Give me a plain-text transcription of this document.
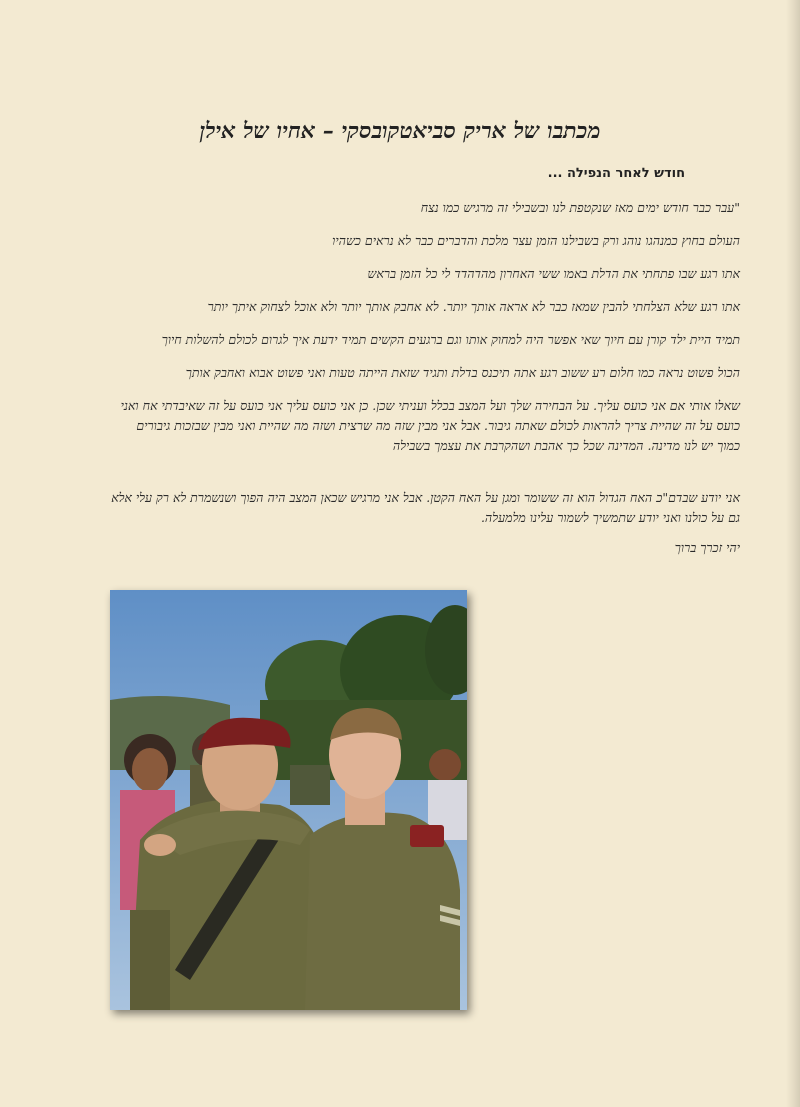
מכתבו של אריק סביאטקובסקי – אחיו של אילן
חודש לאחר הנפילה ...
"עבר כבר חודש ימים מאז שנקטפת לנו ובשבילי זה מרגיש כמו נצח
העולם בחוץ כמנהגו נוהג ורק בשבילנו הזמן עצר מלכת והדברים כבר לא נראים כשהיו
אתו רגע שבו פתחתי את הדלת באמו ששי האחרון מהדהדד לי כל הזמן בראש
אתו רגע שלא הצלחתי להבין שמאז כבר לא אראה אותך יותר. לא אחבק אותך יותר ולא אוכל לצחוק איתך יותר
תמיד היית ילד קורן עם חיוך שאי אפשר היה למחוק אותו וגם ברגעים הקשים תמיד ידעת איך לגרום לכולם להשלות חיוך
הכול פשוט נראה כמו חלום רע ששוב רגע אתה תיכנס בדלת ותגיד שזאת הייתה טעות ואני פשוט אבוא ואחבק אותך
שאלו אותי אם אני כועס עליך. על הבחירה שלך ועל המצב בכלל ועניתי שכן. כן אני כועס עליך אני כועס על זה שאיבדתי אח ואני
כועס על זה שהיית צריך להראות לכולם שאתה גיבור. אבל אני מבין שזה מה שרצית ושזה מה שהיית ואני מבין שבזכות גיבורים
כמוך יש לנו מדינה. המדינה שכל כך אהבת ושהקרבת את עצמך בשבילה
אני יודע שבדם"כ האח הגדול הוא זה ששומר ומגן על האח הקטן. אבל אני מרגיש שכאן המצב היה הפוך ושנשמרת לא רק עלי אלא
גם על כולנו ואני יודע שתמשיך לשמור עלינו מלמעלה.
יהי זכרך ברוך
